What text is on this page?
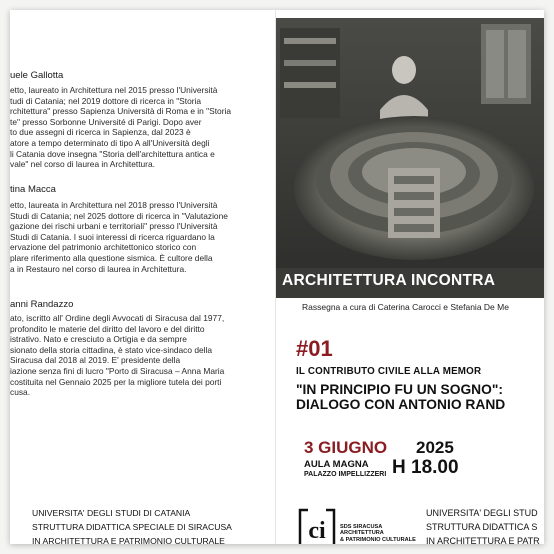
uele Gallotta

etto, laureato in Architettura nel 2015 presso l'Università
tudi di Catania; nel 2019 dottore di ricerca in "Storia
rchitettura" presso Sapienza Università di Roma e in "Storia
te" presso Sorbonne Université di Parigi. Dopo aver
to due assegni di ricerca in Sapienza, dal 2023 è
atore a tempo determinato di tipo A all'Università degli
li Catania dove insegna "Storia dell'architettura antica e
vale" nel corso di laurea in Architettura.

tina Macca

etto, laureata in Architettura nel 2018 presso l'Università
Studi di Catania; nel 2025 dottore di ricerca in "Valutazione
gazione dei rischi urbani e territoriali" presso l'Università
Studi di Catania. I suoi interessi di ricerca riguardano la
ervazione del patrimonio architettonico storico con
plare riferimento alla questione sismica. È cultore della
a in Restauro nel corso di laurea in Architettura.

anni Randazzo

ato, iscritto all' Ordine degli Avvocati di Siracusa dal 1977,
profondito le materie del diritto del lavoro e del diritto
istrativo. Nato e cresciuto a Ortigia e da sempre
sionato della storia cittadina, è stato vice-sindaco della
Siracusa dal 2018 al 2019. E' presidente della
iazione senza fini di lucro "Porto di Siracusa – Anna Maria
costituita nel Gennaio 2025 per la migliore tutela dei porti
cusa.

UNIVERSITA' DEGLI STUDI DI CATANIA
STRUTTURA DIDATTICA SPECIALE DI SIRACUSA
IN ARCHITETTURA E PATRIMONIO CULTURALE
ARCHITETTURA INCONTRA
Rassegna a cura di Caterina Carocci e Stefania De Me
#01
IL CONTRIBUTO CIVILE ALLA MEMOR
"IN PRINCIPIO FU UN SOGNO":
DIALOGO CON ANTONIO RAND
3 GIUGNO 2025
AULA MAGNA
PALAZZO IMPELLIZZERI H 18.00
ci	SDS SIRACUSA
ARCHITETTURA
& PATRIMONIO CULTURALE
UNIVERSITA' DEGLI STUD
STRUTTURA DIDATTICA S
IN ARCHITETTURA E PATR
